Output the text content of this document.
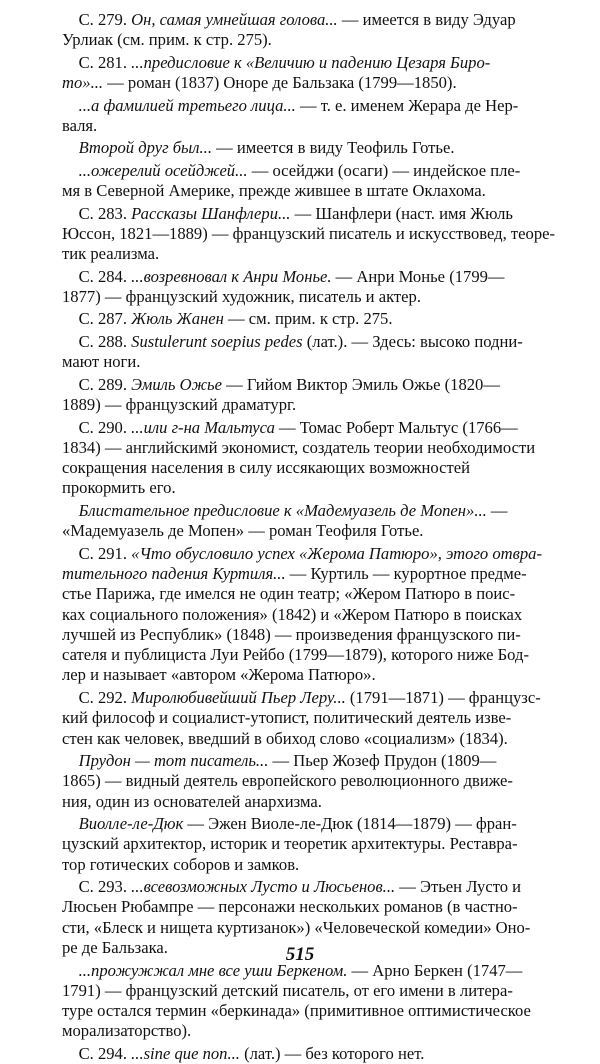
С. 279. Он, самая умнейшая голова... — имеется в виду Эдуар
Урлиак (см. прим. к стр. 275).
С. 281. ...предисловие к «Величию и падению Цезаря Биро-
то»... — роман (1837) Оноре де Бальзака (1799—1850).
...а фамилией третьего лица... — т. е. именем Жерара де Нер-
валя.
Второй друг был... — имеется в виду Теофиль Готье.
...ожерелий осейджей... — осейджи (осаги) — индейское пле-
мя в Северной Америке, прежде жившее в штате Оклахома.
С. 283. Рассказы Шанфлери... — Шанфлери (наст. имя Жюль
Юссон, 1821—1889) — французский писатель и искусствовед, теоре-
тик реализма.
С. 284. ...возревновал к Анри Монье. — Анри Монье (1799—
1877) — французский художник, писатель и актер.
С. 287. Жюль Жанен — см. прим. к стр. 275.
С. 288. Sustulerunt soepius pedes (лат.). — Здесь: высоко подни-
мают ноги.
С. 289. Эмиль Ожье — Гийом Виктор Эмиль Ожье (1820—
1889) — французский драматург.
С. 290. ...или г-на Мальтуса — Томас Роберт Мальтус (1766—
1834) — английскимй экономист, создатель теории необходимости
сокращения населения в силу иссякающих возможностей
прокормить его.
Блистательное предисловие к «Мадемуазель де Мопен»... —
«Мадемуазель де Мопен» — роман Теофиля Готье.
С. 291. «Что обусловило успех «Жерома Патюро», этого отвра-
тительного падения Куртиля... — Куртиль — курортное предме-
стье Парижа, где имелся не один театр; «Жером Патюро в поис-
ках социального положения» (1842) и «Жером Патюро в поисках
лучшей из Республик» (1848) — произведения французского пи-
сателя и публициста Луи Рейбо (1799—1879), которого ниже Бод-
лер и называет «автором «Жерома Патюро».
С. 292. Миролюбивейший Пьер Леру... (1791—1871) — французс-
кий философ и социалист-утопист, политический деятель изве-
стен как человек, введший в обиход слово «социализм» (1834).
Прудон — тот писатель... — Пьер Жозеф Прудон (1809—
1865) — видный деятель европейского революционного движе-
ния, один из основателей анархизма.
Виолле-ле-Дюк — Эжен Виоле-ле-Дюк (1814—1879) — фран-
цузский архитектор, историк и теоретик архитектуры. Реставра-
тор готических соборов и замков.
С. 293. ...всевозможных Лусто и Люсьенов... — Этьен Лусто и
Люсьен Рюбампре — персонажи нескольких романов (в частно-
сти, «Блеск и нищета куртизанок») «Человеческой комедии» Оно-
ре де Бальзака.
...прожужжал мне все уши Беркеном. — Арно Беркен (1747—
1791) — французский детский писатель, от его имени в литера-
туре остался термин «беркинада» (примитивное оптимистическое
морализаторство).
С. 294. ...sine que non... (лат.) — без которого нет.
515
